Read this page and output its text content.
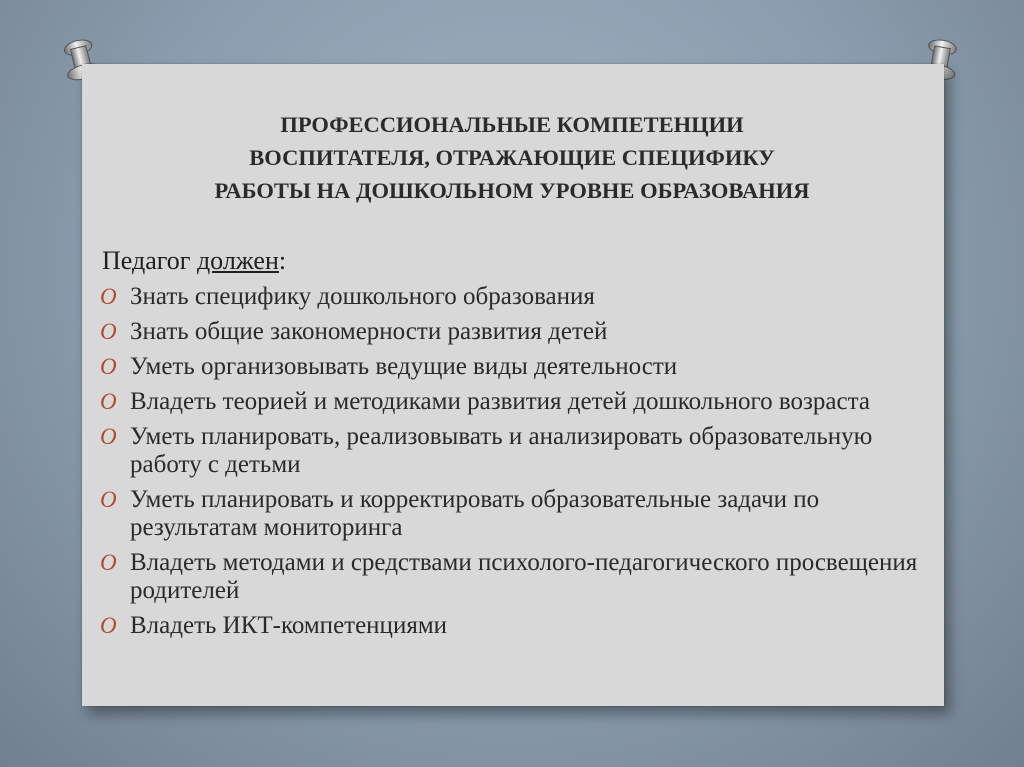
ПРОФЕССИОНАЛЬНЫЕ КОМПЕТЕНЦИИ
ВОСПИТАТЕЛЯ, ОТРАЖАЮЩИЕ СПЕЦИФИКУ
РАБОТЫ НА ДОШКОЛЬНОМ УРОВНЕ ОБРАЗОВАНИЯ

Педагог должен:

O Знать специфику дошкольного образования
O Знать общие закономерности развития детей
O Уметь организовывать ведущие виды деятельности
O Владеть теорией и методиками развития детей дошкольного возраста
O Уметь планировать, реализовывать и анализировать образовательную работу с детьми
O Уметь планировать и корректировать образовательные задачи по результатам мониторинга
O Владеть методами и средствами психолого-педагогического просвещения родителей
O Владеть ИКТ-компетенциями
